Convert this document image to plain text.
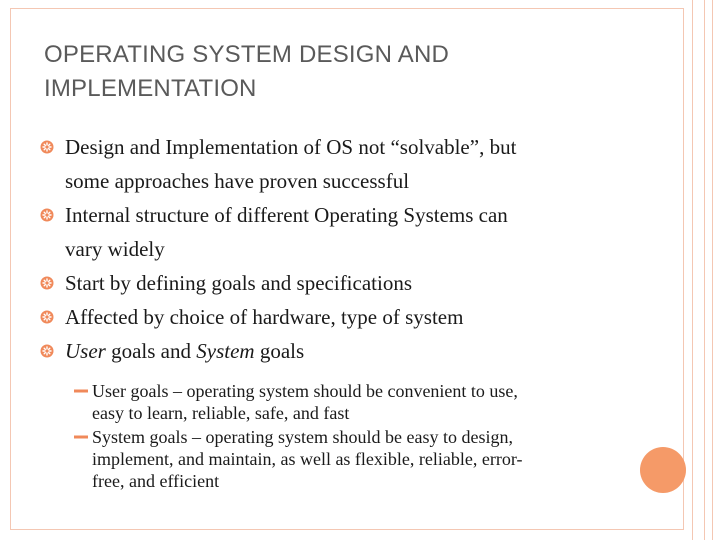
OPERATING SYSTEM DESIGN AND
IMPLEMENTATION
Design and Implementation of OS not “solvable”, but
some approaches have proven successful
Internal structure of different Operating Systems can
vary widely
Start by defining goals and specifications
Affected by choice of hardware, type of system
User goals and System goals
User goals – operating system should be convenient to use,
easy to learn, reliable, safe, and fast
System goals – operating system should be easy to design,
implement, and maintain, as well as flexible, reliable, error-
free, and efficient
